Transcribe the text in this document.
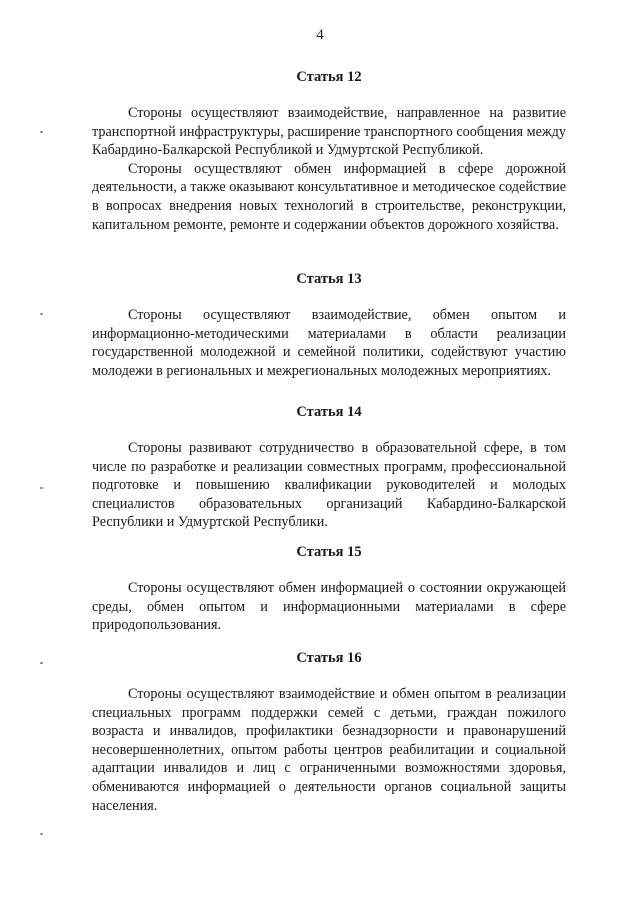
4
Статья 12

Стороны осуществляют взаимодействие, направленное на развитие транспортной инфраструктуры, расширение транспортного сообщения между Кабардино-Балкарской Республикой и Удмуртской Республикой.

Стороны осуществляют обмен информацией в сфере дорожной деятельности, а также оказывают консультативное и методическое содействие в вопросах внедрения новых технологий в строительстве, реконструкции, капитальном ремонте, ремонте и содержании объектов дорожного хозяйства.

Статья 13

Стороны осуществляют взаимодействие, обмен опытом и информационно-методическими материалами в области реализации государственной молодежной и семейной политики, содействуют участию молодежи в региональных и межрегиональных молодежных мероприятиях.

Статья 14

Стороны развивают сотрудничество в образовательной сфере, в том числе по разработке и реализации совместных программ, профессиональной подготовке и повышению квалификации руководителей и молодых специалистов образовательных организаций Кабардино-Балкарской Республики и Удмуртской Республики.

Статья 15

Стороны осуществляют обмен информацией о состоянии окружающей среды, обмен опытом и информационными материалами в сфере природопользования.

Статья 16

Стороны осуществляют взаимодействие и обмен опытом в реализации специальных программ поддержки семей с детьми, граждан пожилого возраста и инвалидов, профилактики безнадзорности и правонарушений несовершеннолетних, опытом работы центров реабилитации и социальной адаптации инвалидов и лиц с ограниченными возможностями здоровья, обмениваются информацией о деятельности органов социальной защиты населения.
